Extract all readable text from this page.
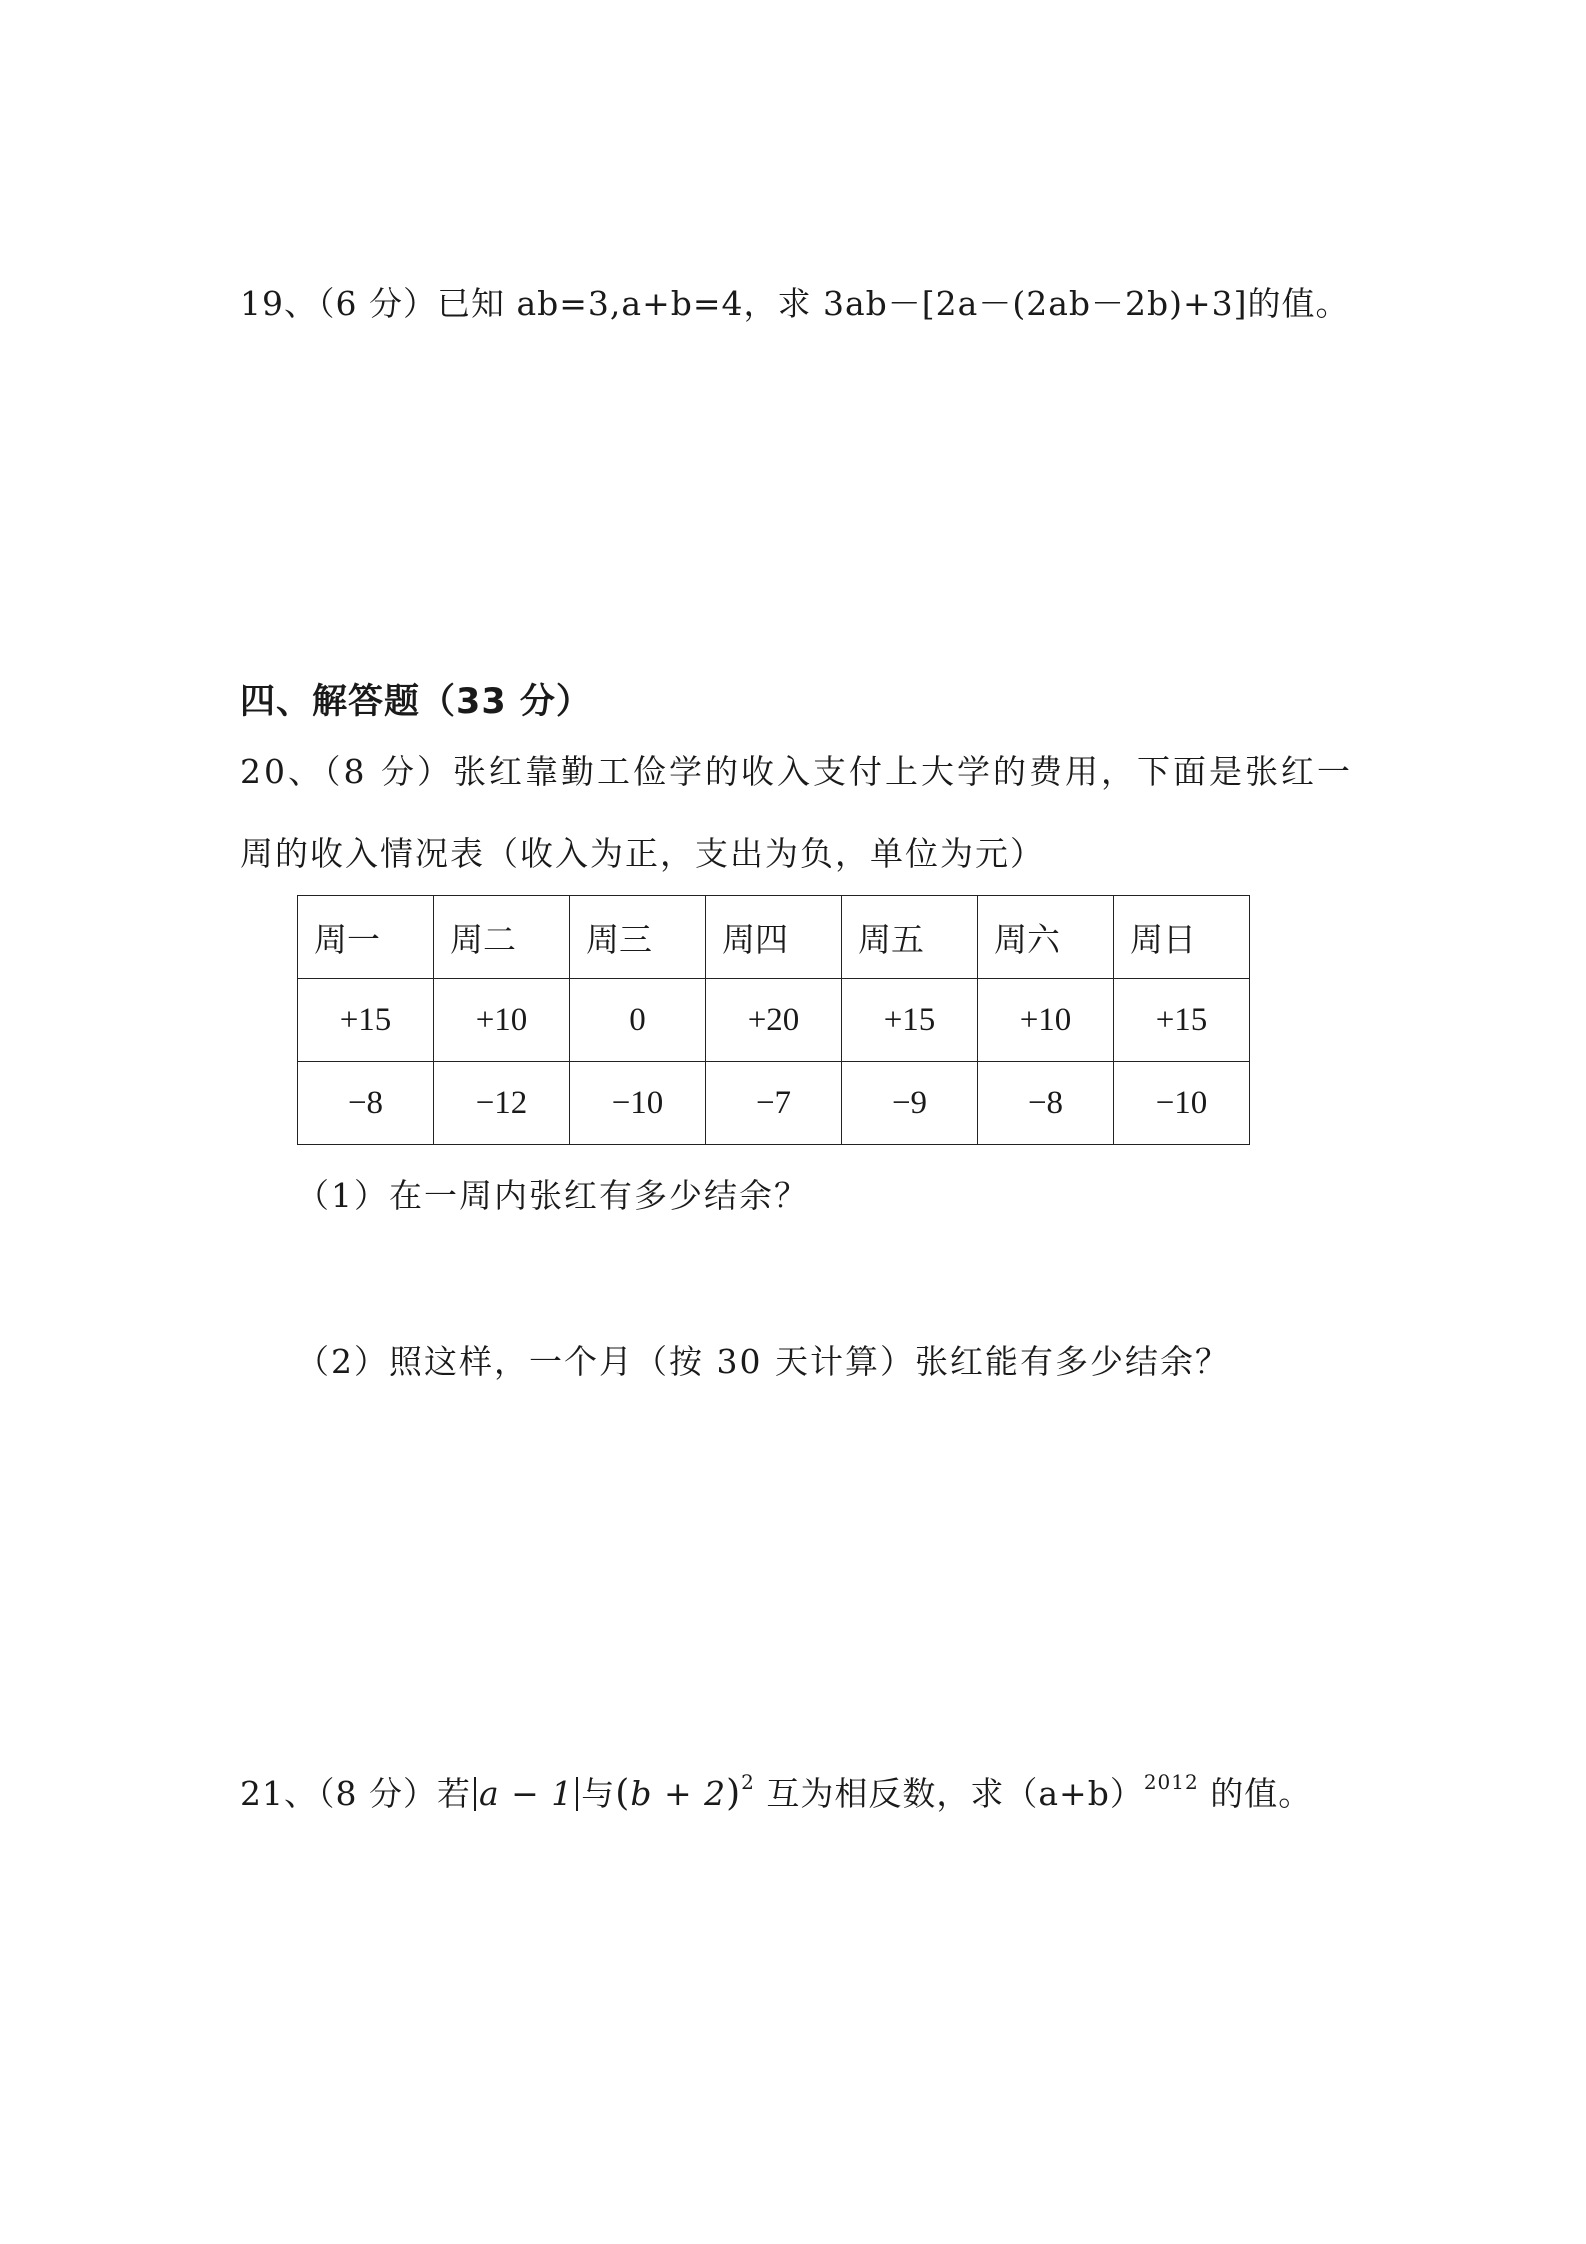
19、（6 分）已知 ab=3,a+b=4，求 3ab－[2a－(2ab－2b)+3]的值。
四、解答题（33 分）
20、（8 分）张红靠勤工俭学的收入支付上大学的费用，下面是张红一
周的收入情况表（收入为正，支出为负，单位为元）
周一	周二	周三	周四	周五	周六	周日
+15	+10	0	+20	+15	+10	+15
−8	−12	−10	−7	−9	−8	−10
（1）在一周内张红有多少结余？
（2）照这样，一个月（按 30 天计算）张红能有多少结余？
21、（8 分）若 a − 1 与$(b + 2)^2$ 互为相反数，求$(a+b)^{2012}$ 的值。
